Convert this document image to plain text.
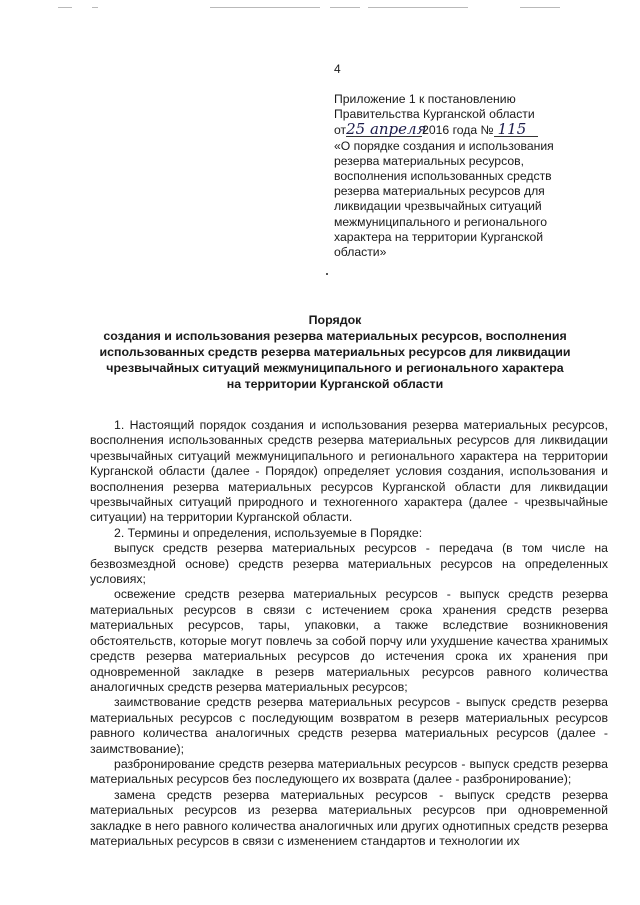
4
Приложение 1 к постановлению
Правительства Курганской области
от25 апреля2016 года № 115
«О порядке создания и использования
резерва материальных ресурсов,
восполнения использованных средств
резерва материальных ресурсов для
ликвидации чрезвычайных ситуаций
межмуниципального и регионального
характера на территории Курганской
области»
Порядок
создания и использования резерва материальных ресурсов, восполнения
использованных средств резерва материальных ресурсов для ликвидации
чрезвычайных ситуаций межмуниципального и регионального характера
на территории Курганской области

1. Настоящий порядок создания и использования резерва материальных ресурсов, восполнения использованных средств резерва материальных ресурсов для ликвидации чрезвычайных ситуаций межмуниципального и регионального характера на территории Курганской области (далее - Порядок) определяет условия создания, использования и восполнения резерва материальных ресурсов Курганской области для ликвидации чрезвычайных ситуаций природного и техногенного характера (далее - чрезвычайные ситуации) на территории Курганской области.

2. Термины и определения, используемые в Порядке:

выпуск средств резерва материальных ресурсов - передача (в том числе на безвозмездной основе) средств резерва материальных ресурсов на определенных условиях;

освежение средств резерва материальных ресурсов - выпуск средств резерва материальных ресурсов в связи с истечением срока хранения средств резерва материальных ресурсов, тары, упаковки, а также вследствие возникновения обстоятельств, которые могут повлечь за собой порчу или ухудшение качества хранимых средств резерва материальных ресурсов до истечения срока их хранения при одновременной закладке в резерв материальных ресурсов равного количества аналогичных средств резерва материальных ресурсов;

заимствование средств резерва материальных ресурсов - выпуск средств резерва материальных ресурсов с последующим возвратом в резерв материальных ресурсов равного количества аналогичных средств резерва материальных ресурсов (далее - заимствование);

разбронирование средств резерва материальных ресурсов - выпуск средств резерва материальных ресурсов без последующего их возврата (далее - разбронирование);

замена средств резерва материальных ресурсов - выпуск средств резерва материальных ресурсов из резерва материальных ресурсов при одновременной закладке в него равного количества аналогичных или других однотипных средств резерва материальных ресурсов в связи с изменением стандартов и технологии их
